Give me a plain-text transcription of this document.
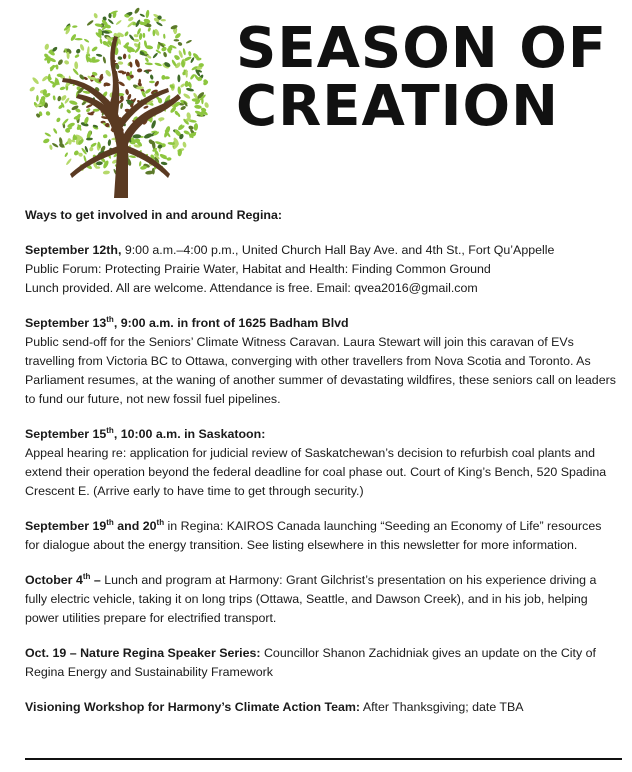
SEASON OF
CREATION

Ways to get involved in and around Regina:

September 12th, 9:00 a.m.–4:00 p.m., United Church Hall Bay Ave. and 4th St., Fort Qu’Appelle
Public Forum: Protecting Prairie Water, Habitat and Health: Finding Common Ground
Lunch provided. All are welcome. Attendance is free. Email: qvea2016@gmail.com

September 13th, 9:00 a.m. in front of 1625 Badham Blvd
Public send-off for the Seniors’ Climate Witness Caravan. Laura Stewart will join this caravan of EVs travelling from Victoria BC to Ottawa, converging with other travellers from Nova Scotia and Toronto. As Parliament resumes, at the waning of another summer of devastating wildfires, these seniors call on leaders to fund our future, not new fossil fuel pipelines.

September 15th, 10:00 a.m. in Saskatoon:
Appeal hearing re: application for judicial review of Saskatchewan’s decision to refurbish coal plants and extend their operation beyond the federal deadline for coal phase out. Court of King’s Bench, 520 Spadina Crescent E. (Arrive early to have time to get through security.)

September 19th and 20th in Regina: KAIROS Canada launching “Seeding an Economy of Life” resources for dialogue about the energy transition. See listing elsewhere in this newsletter for more information.

October 4th – Lunch and program at Harmony: Grant Gilchrist’s presentation on his experience driving a fully electric vehicle, taking it on long trips (Ottawa, Seattle, and Dawson Creek), and in his job, helping power utilities prepare for electrified transport.

Oct. 19 – Nature Regina Speaker Series: Councillor Shanon Zachidniak gives an update on the City of Regina Energy and Sustainability Framework

Visioning Workshop for Harmony’s Climate Action Team: After Thanksgiving; date TBA
